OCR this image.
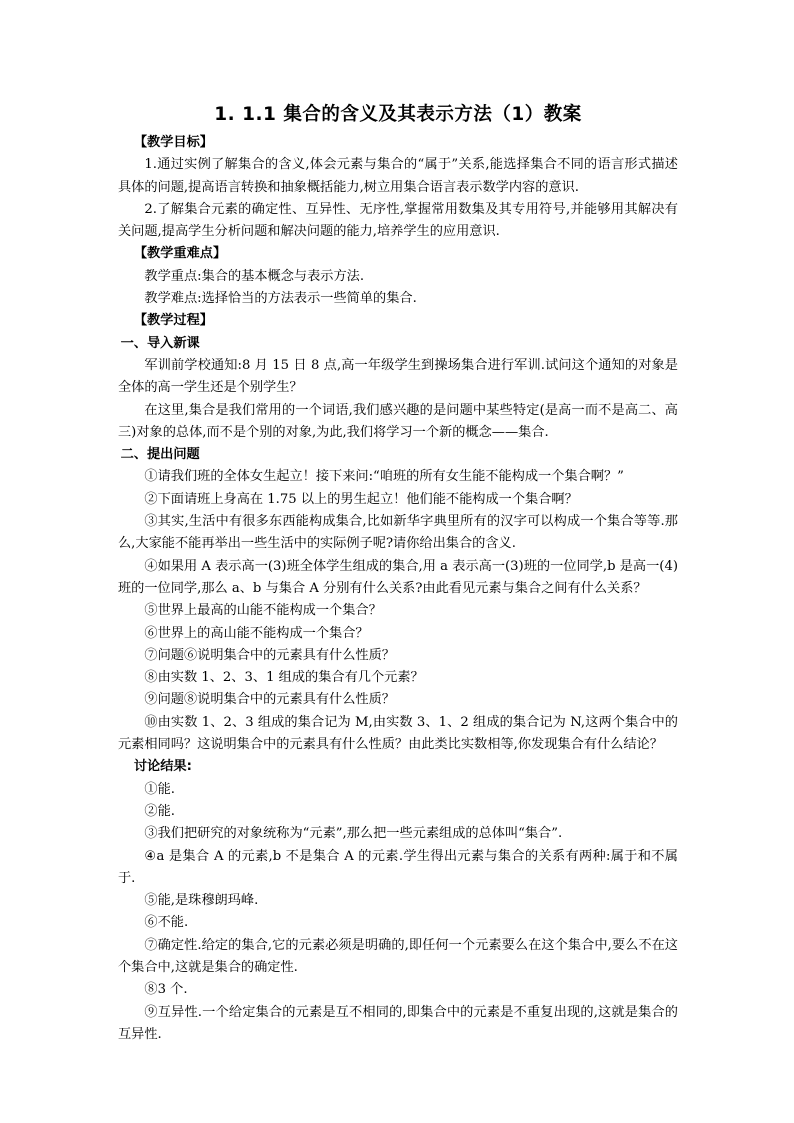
1. 1.1 集合的含义及其表示方法（1）教案
【教学目标】

1.通过实例了解集合的含义,体会元素与集合的“属于”关系,能选择集合不同的语言形式描述具体的问题,提高语言转换和抽象概括能力,树立用集合语言表示数学内容的意识.

2.了解集合元素的确定性、互异性、无序性,掌握常用数集及其专用符号,并能够用其解决有关问题,提高学生分析问题和解决问题的能力,培养学生的应用意识.

【教学重难点】

教学重点:集合的基本概念与表示方法.

教学难点:选择恰当的方法表示一些简单的集合.

【教学过程】
一、导入新课

军训前学校通知:8 月 15 日 8 点,高一年级学生到操场集合进行军训.试问这个通知的对象是全体的高一学生还是个别学生？

在这里,集合是我们常用的一个词语,我们感兴趣的是问题中某些特定(是高一而不是高二、高三)对象的总体,而不是个别的对象,为此,我们将学习一个新的概念——集合.

二、提出问题

①请我们班的全体女生起立！接下来问:“咱班的所有女生能不能构成一个集合啊？”

②下面请班上身高在 1.75 以上的男生起立！他们能不能构成一个集合啊？

③其实,生活中有很多东西能构成集合,比如新华字典里所有的汉字可以构成一个集合等等.那么,大家能不能再举出一些生活中的实际例子呢?请你给出集合的含义.

④如果用 A 表示高一(3)班全体学生组成的集合,用 a 表示高一(3)班的一位同学,b 是高一(4)班的一位同学,那么 a、b 与集合 A 分别有什么关系?由此看见元素与集合之间有什么关系？

⑤世界上最高的山能不能构成一个集合？

⑥世界上的高山能不能构成一个集合？

⑦问题⑥说明集合中的元素具有什么性质？

⑧由实数 1、2、3、1 组成的集合有几个元素？

⑨问题⑧说明集合中的元素具有什么性质？

⑩由实数 1、2、3 组成的集合记为 M,由实数 3、1、2 组成的集合记为 N,这两个集合中的元素相同吗？这说明集合中的元素具有什么性质？由此类比实数相等,你发现集合有什么结论？

讨论结果:

①能.

②能.

③我们把研究的对象统称为“元素”,那么把一些元素组成的总体叫“集合”.

④a 是集合 A 的元素,b 不是集合 A 的元素.学生得出元素与集合的关系有两种:属于和不属于.

⑤能,是珠穆朗玛峰.

⑥不能.

⑦确定性.给定的集合,它的元素必须是明确的,即任何一个元素要么在这个集合中,要么不在这个集合中,这就是集合的确定性.

⑧3 个.

⑨互异性.一个给定集合的元素是互不相同的,即集合中的元素是不重复出现的,这就是集合的互异性.
